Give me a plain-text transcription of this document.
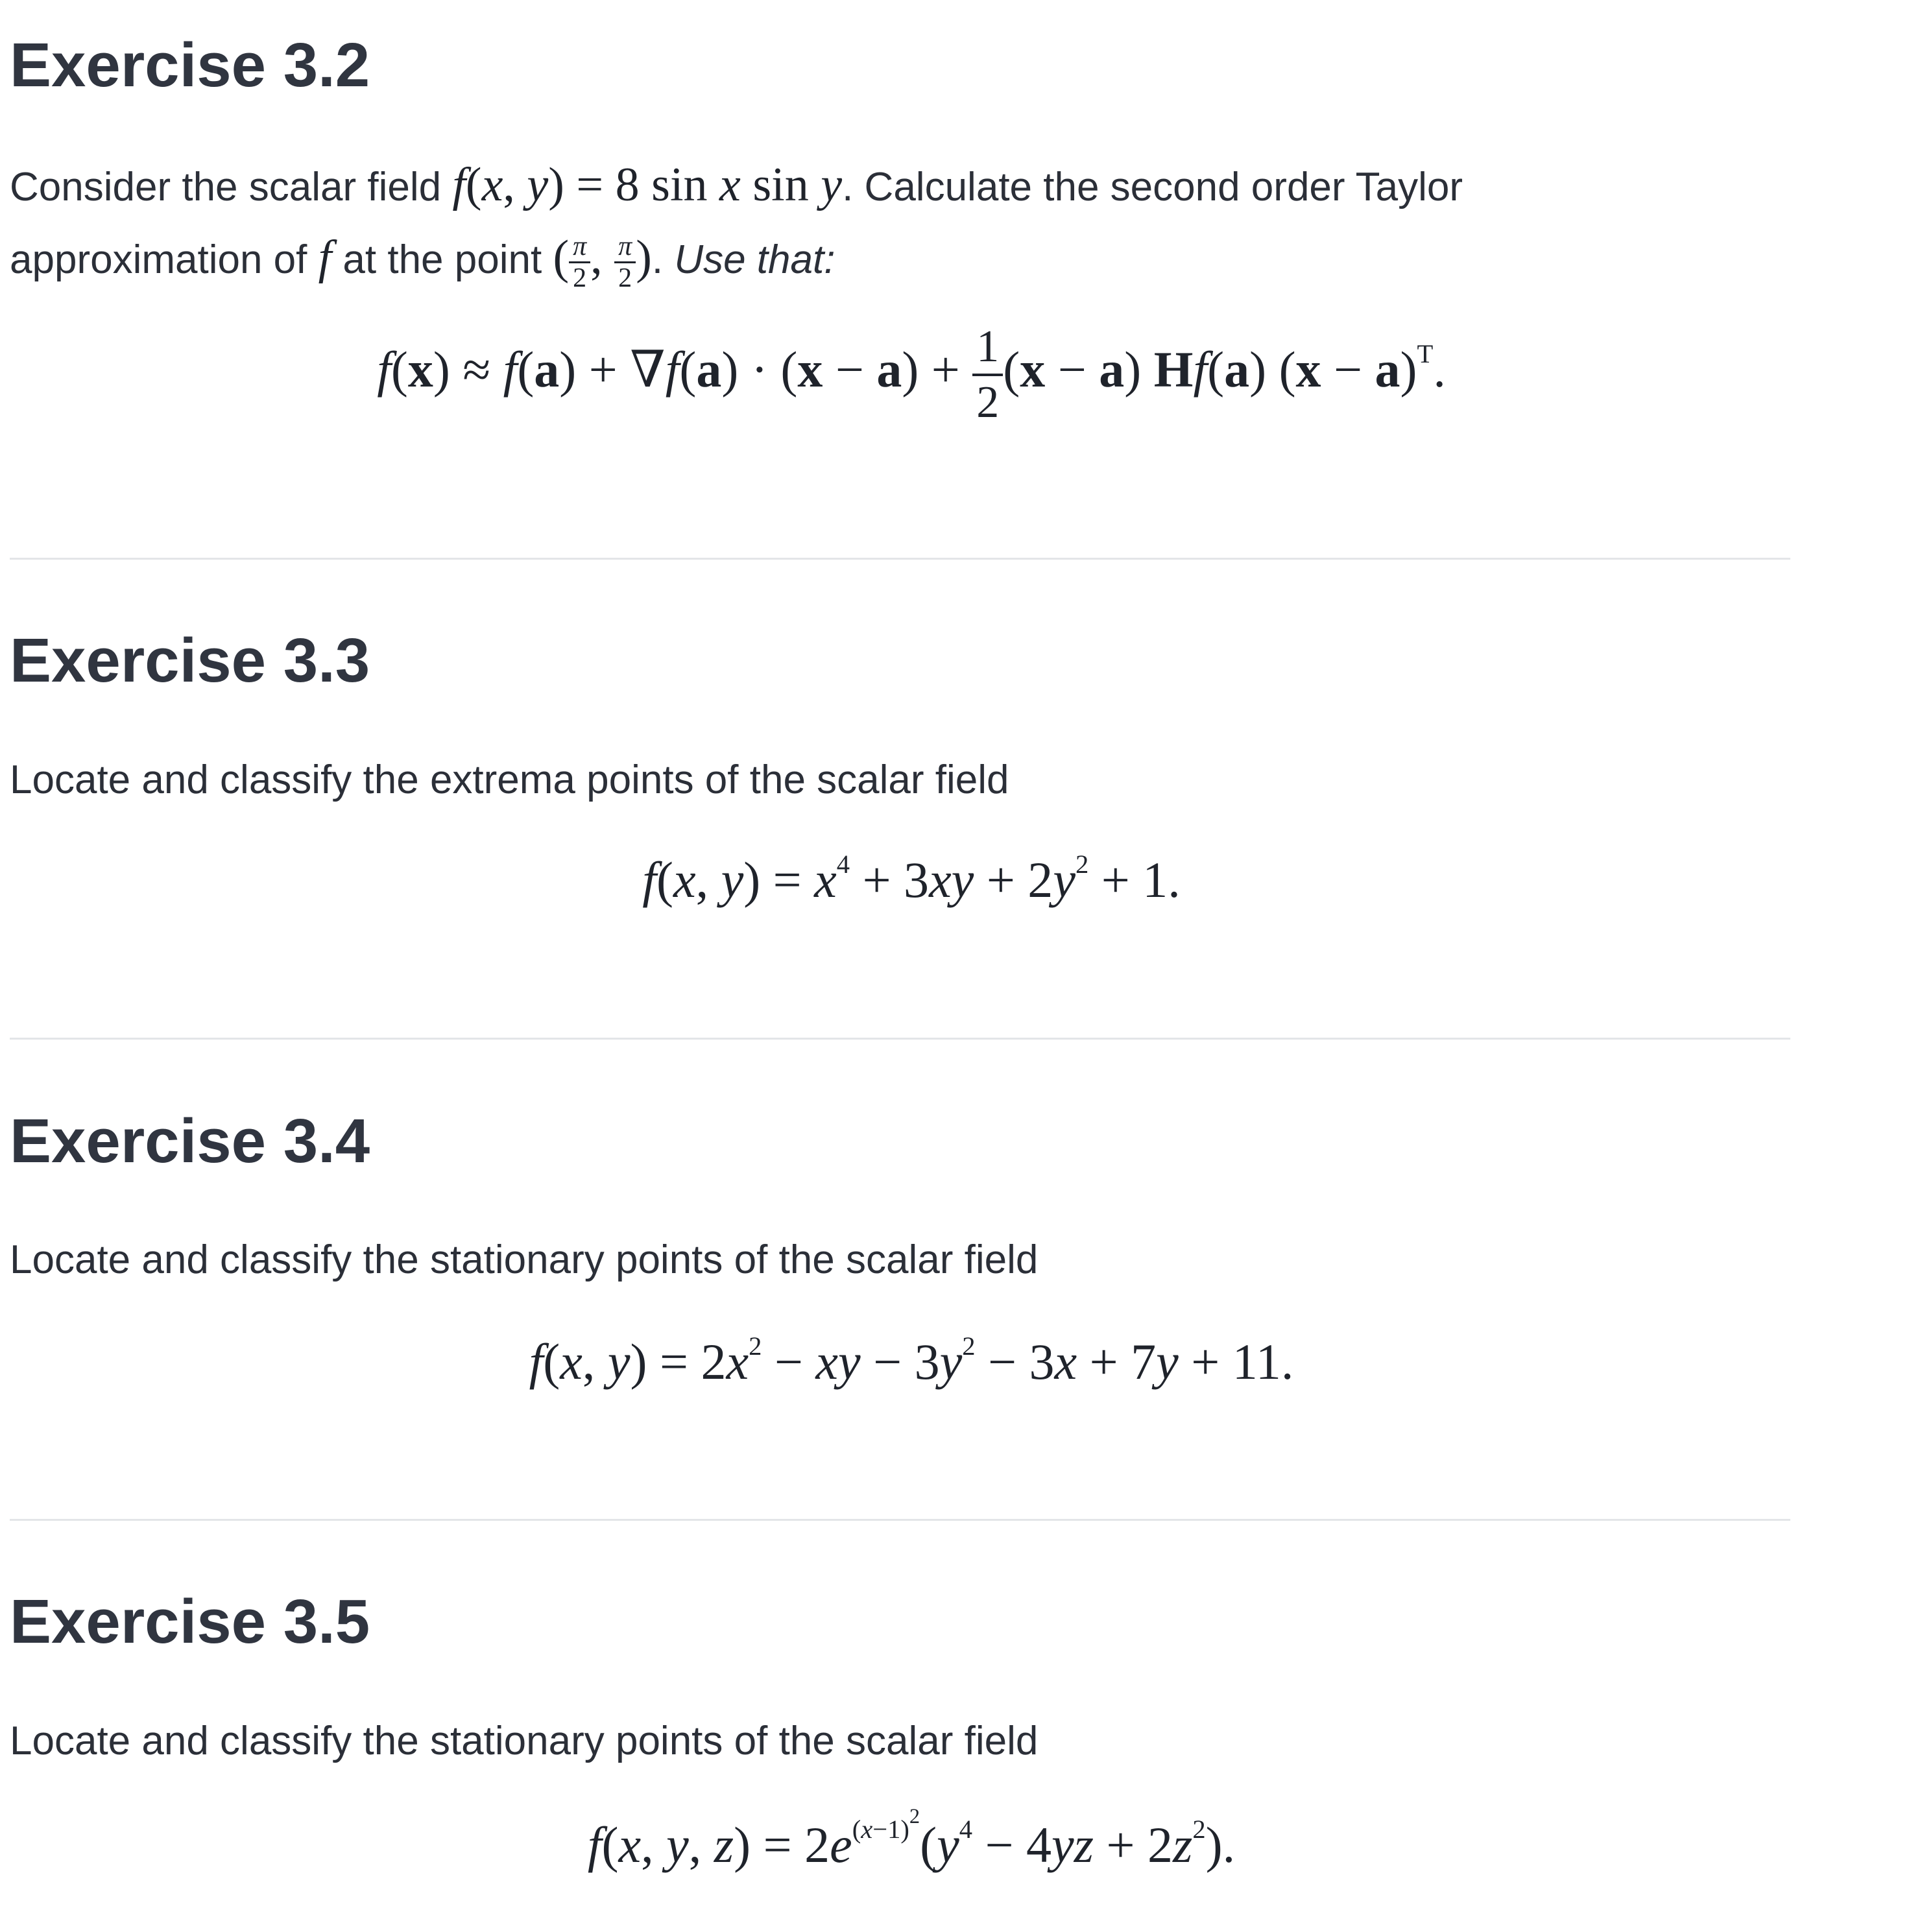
Exercise 3.2

Consider the scalar field f(x, y) = 8 sin x sin y. Calculate the second order Taylor

approximation of f at the point ( $\frac{\pi}{2}$ , $\frac{\pi}{2}$ ). Use that:

$f(x) \approx f(a) + \nabla f(a) \cdot (x - a) + \frac{1}{2} (x - a)$ Hf(a) $(x - a)^T$.
Exercise 3.3

Locate and classify the extrema points of the scalar field

f(x, $y) = x^4 + 3xy + 2y^2 + 1$.
Exercise 3.4

Locate and classify the stationary points of the scalar field

f(x, $y) = 2x^2$ − xy − $3y^2 - 3x + 7y + 11$.
Exercise 3.5

Locate and classify the stationary points of the scalar field

f(x, y, $z) = 2e^{(x-1)^2}(y^4 - 4yz + 2z^2)$.
